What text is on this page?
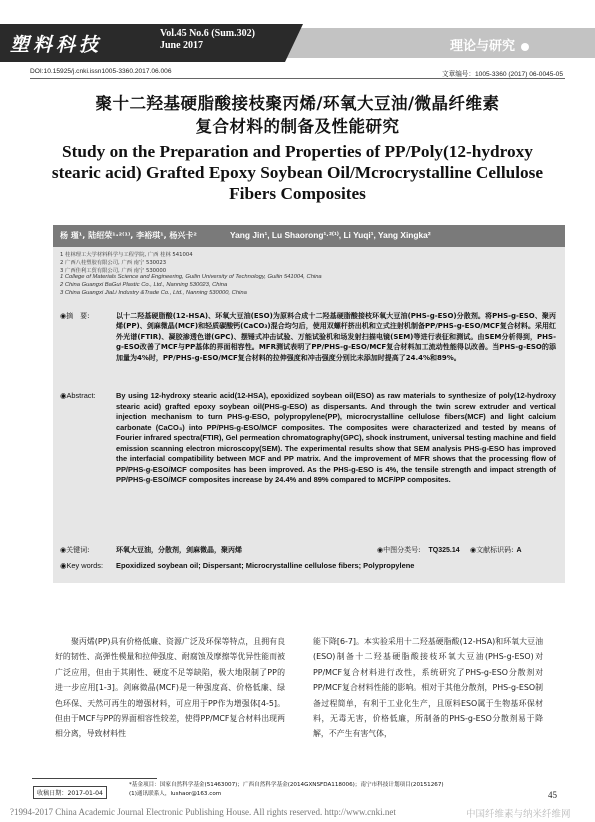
塑料科技
Vol.45 No.6 (Sum.302)
June 2017	理论与研究
DOI:10.15925/j.cnki.issn1005-3360.2017.06.006	文章编号：1005-3360 (2017) 06-0045-05
聚十二羟基硬脂酸接枝聚丙烯/环氧大豆油/微晶纤维素
复合材料的制备及性能研究
Study on the Preparation and Properties of PP/Poly(12-hydroxy
stearic acid) Grafted Epoxy Soybean Oil/Mcrocrystalline Cellulose
Fibers Composites
杨 瑾¹, 陆绍荣¹·²⁽¹⁾, 李裕琪¹, 杨兴卡²	Yang Jin¹, Lu Shaorong¹·²⁽¹⁾, Li Yuqi¹, Yang Xingka²
1 桂林理工大学材料科学与工程学院, 广西 桂林 541004
2 广西八桂塑胶有限公司, 广西 南宁 530023
3 广西佳利工贸有限公司, 广西 南宁 530000
1 College of Materials Science and Engineering, Guilin University of Technology, Guilin 541004, China
2 China Guangxi BaGui Plastic Co., Ltd., Nanning 530023, China
3 China Guangxi JiaLi Industry &Trade Co., Ltd., Nanning 530000, China
◉摘　要:	以十二羟基硬脂酸(12-HSA)、环氧大豆油(ESO)为原料合成十二羟基硬脂酸接枝环氧大豆油(PHS-g-ESO)分散剂。将PHS-g-ESO、聚丙烯(PP)、剑麻微晶(MCF)和轻质碳酸钙(CaCO₃)混合均匀后，使用双螺杆挤出机和立式注射机制备PP/PHS-g-ESO/MCF复合材料。采用红外光谱(FTIR)、凝胶渗透色谱(GPC)、摆锤式冲击试验、万能试验机和场发射扫描电镜(SEM)等进行表征和测试。由SEM分析得到，PHS-g-ESO改善了MCF与PP基体的界面相容性。MFR测试表明了PP/PHS-g-ESO/MCF复合材料加工流动性能得以改善。当PHS-g-ESO的添加量为4%时，PP/PHS-g-ESO/MCF复合材料的拉伸强度和冲击强度分别比未添加时提高了24.4%和89%。
◉Abstract:	By using 12-hydroxy stearic acid(12-HSA), epoxidized soybean oil(ESO) as raw materials to synthesize of poly(12-hydroxy stearic acid) grafted epoxy soybean oil(PHS-g-ESO) as dispersants. And through the twin screw extruder and vertical injection mechanism to turn PHS-g-ESO, polypropylene(PP), microcrystalline cellulose fibers(MCF) and light calcium carbonate (CaCO₃) into PP/PHS-g-ESO/MCF composites. The composites were characterized and tested by means of Fourier infrared spectra(FTIR), Gel permeation chromatography(GPC), shock instrument, universal testing machine and field emission scanning electron microscopy(SEM). The experimental results show that SEM analysis PHS-g-ESO has improved the interfacial compatibility between MCF and PP matrix. And the improvement of MFR shows that the processing flow of PP/PHS-g-ESO/MCF composites has been improved. As the PHS-g-ESO is 4%, the tensile strength and impact strength of PP/PHS-g-ESO/MCF composites increase by 24.4% and 89% compared to MCF/PP composites.
◉关键词:	环氧大豆油，分散剂，剑麻微晶，聚丙烯	◉中图分类号: TQ325.14 ◉文献标识码: A
◉Key words: Epoxidized soybean oil; Dispersant; Microcrystalline cellulose fibers; Polypropylene

聚丙烯(PP)具有价格低廉、资源广泛及环保等特点，且拥有良好的韧性、高弹性模量和拉伸强度、耐腐蚀及摩擦等优异性能而被广泛应用，但由于其刚性、硬度不足等缺陷，极大地限制了PP的进一步应用[1-3]。剑麻微晶(MCF)是一种强度高、价格低廉、绿色环保、天然可再生的增强材料，可应用于PP作为增强体[4-5]。但由于MCF与PP的界面相容性较差，使得PP/MCF复合材料出现两相分离，导致材料性

能下降[6-7]。本实验采用十二羟基硬脂酸(12-HSA)和环氧大豆油(ESO)制备十二羟基硬脂酸接枝环氧大豆油(PHS-g-ESO)对PP/MCF复合材料进行改性，系统研究了PHS-g-ESO分散剂对PP/MCF复合材料性能的影响。相对于其他分散剂，PHS-g-ESO制备过程简单，有利于工业化生产，且原料ESO属于生物基环保材料，无毒无害，价格低廉，所制备的PHS-g-ESO分散剂易于降解，不产生有害气体，

收稿日期：2017-01-04
*基金项目：国家自然科学基金(51463007)；广西自然科学基金(2014GXNSFDA118006)；南宁市科技计划项目(20151267)
(1)通讯联系人，lushaor@163.com	45
?1994-2017 China Academic Journal Electronic Publishing House. All rights reserved. http://www.cnki.net	中国纤维素与纳米纤维网
